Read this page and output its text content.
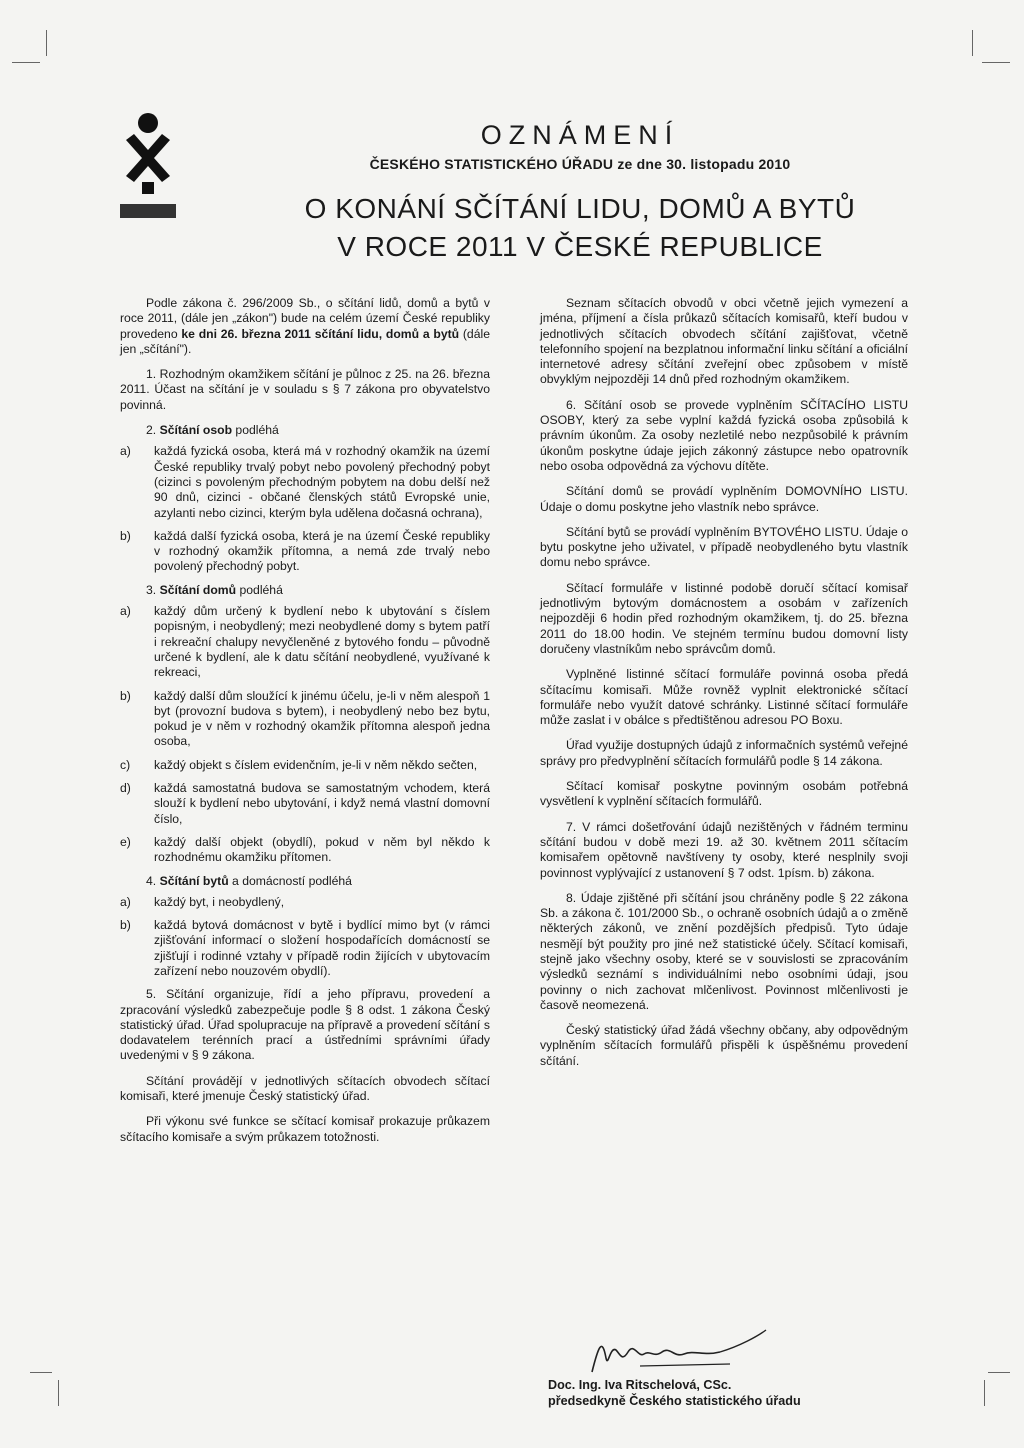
OZNÁMENÍ
ČESKÉHO STATISTICKÉHO ÚŘADU ze dne 30. listopadu 2010
O KONÁNÍ SČÍTÁNÍ LIDU, DOMŮ A BYTŮ
V ROCE 2011 V ČESKÉ REPUBLICE

Podle zákona č. 296/2009 Sb., o sčítání lidů, domů a bytů v roce 2011, (dále jen „zákon") bude na celém území České republiky provedeno ke dni 26. března 2011 sčítání lidu, domů a bytů (dále jen „sčítání").

1. Rozhodným okamžikem sčítání je půlnoc z 25. na 26. března 2011. Účast na sčítání je v souladu s § 7 zákona pro obyvatelstvo povinná.

2. Sčítání osob podléhá
a)	každá fyzická osoba, která má v rozhodný okamžik na území České republiky trvalý pobyt nebo povolený přechodný pobyt (cizinci s povoleným přechodným pobytem na dobu delší než 90 dnů, cizinci - občané členských států Evropské unie, azylanti nebo cizinci, kterým byla udělena dočasná ochrana),
b)	každá další fyzická osoba, která je na území České republiky v rozhodný okamžik přítomna, a nemá zde trvalý nebo povolený přechodný pobyt.
3. Sčítání domů podléhá
a)	každý dům určený k bydlení nebo k ubytování s číslem popisným, i neobydlený; mezi neobydlené domy s bytem patří i rekreační chalupy nevyčleněné z bytového fondu – původně určené k bydlení, ale k datu sčítání neobydlené, využívané k rekreaci,
b)	každý další dům sloužící k jinému účelu, je-li v něm alespoň 1 byt (provozní budova s bytem), i neobydlený nebo bez bytu, pokud je v něm v rozhodný okamžik přítomna alespoň jedna osoba,
c)	každý objekt s číslem evidenčním, je-li v něm někdo sečten,
d)	každá samostatná budova se samostatným vchodem, která slouží k bydlení nebo ubytování, i když nemá vlastní domovní číslo,
e)	každý další objekt (obydlí), pokud v něm byl někdo k rozhodnému okamžiku přítomen.
4. Sčítání bytů a domácností podléhá
a)	každý byt, i neobydlený,
b)	každá bytová domácnost v bytě i bydlící mimo byt (v rámci zjišťování informací o složení hospodařících domácností se zjišťují i rodinné vztahy v případě rodin žijících v ubytovacím zařízení nebo nouzovém obydlí).

5. Sčítání organizuje, řídí a jeho přípravu, provedení a zpracování výsledků zabezpečuje podle § 8 odst. 1 zákona Český statistický úřad. Úřad spolupracuje na přípravě a provedení sčítání s dodavatelem terénních prací a ústředními správními úřady uvedenými v § 9 zákona.

Sčítání provádějí v jednotlivých sčítacích obvodech sčítací komisaři, které jmenuje Český statistický úřad.

Při výkonu své funkce se sčítací komisař prokazuje průkazem sčítacího komisaře a svým průkazem totožnosti.

Seznam sčítacích obvodů v obci včetně jejich vymezení a jména, příjmení a čísla průkazů sčítacích komisařů, kteří budou v jednotlivých sčítacích obvodech sčítání zajišťovat, včetně telefonního spojení na bezplatnou informační linku sčítání a oficiální internetové adresy sčítání zveřejní obec způsobem v místě obvyklým nejpozději 14 dnů před rozhodným okamžikem.

6. Sčítání osob se provede vyplněním SČÍTACÍHO LISTU OSOBY, který za sebe vyplní každá fyzická osoba způsobilá k právním úkonům. Za osoby nezletilé nebo nezpůsobilé k právním úkonům poskytne údaje jejich zákonný zástupce nebo opatrovník nebo osoba odpovědná za výchovu dítěte.

Sčítání domů se provádí vyplněním DOMOVNÍHO LISTU. Údaje o domu poskytne jeho vlastník nebo správce.

Sčítání bytů se provádí vyplněním BYTOVÉHO LISTU. Údaje o bytu poskytne jeho uživatel, v případě neobydleného bytu vlastník domu nebo správce.

Sčítací formuláře v listinné podobě doručí sčítací komisař jednotlivým bytovým domácnostem a osobám v zařízeních nejpozději 6 hodin před rozhodným okamžikem, tj. do 25. března 2011 do 18.00 hodin. Ve stejném termínu budou domovní listy doručeny vlastníkům nebo správcům domů.

Vyplněné listinné sčítací formuláře povinná osoba předá sčítacímu komisaři. Může rovněž vyplnit elektronické sčítací formuláře nebo využít datové schránky. Listinné sčítací formuláře může zaslat i v obálce s předtištěnou adresou PO Boxu.

Úřad využije dostupných údajů z informačních systémů veřejné správy pro předvyplnění sčítacích formulářů podle § 14 zákona.

Sčítací komisař poskytne povinným osobám potřebná vysvětlení k vyplnění sčítacích formulářů.

7. V rámci došetřování údajů nezištěných v řádném terminu sčítání budou v době mezi 19. až 30. květnem 2011 sčítacím komisařem opětovně navštíveny ty osoby, které nesplnily svoji povinnost vyplývající z ustanovení § 7 odst. 1písm. b) zákona.

8. Údaje zjištěné při sčítání jsou chráněny podle § 22 zákona Sb. a zákona č. 101/2000 Sb., o ochraně osobních údajů a o změně některých zákonů, ve znění pozdějších předpisů. Tyto údaje nesmějí být použity pro jiné než statistické účely. Sčítací komisaři, stejně jako všechny osoby, které se v souvislosti se zpracováním výsledků seznámí s individuálními nebo osobními údaji, jsou povinny o nich zachovat mlčenlivost. Povinnost mlčenlivosti je časově neomezená.

Český statistický úřad žádá všechny občany, aby odpovědným vyplněním sčítacích formulářů přispěli k úspěšnému provedení sčítání.

Doc. Ing. Iva Ritschelová, CSc.
předsedkyně Českého statistického úřadu
